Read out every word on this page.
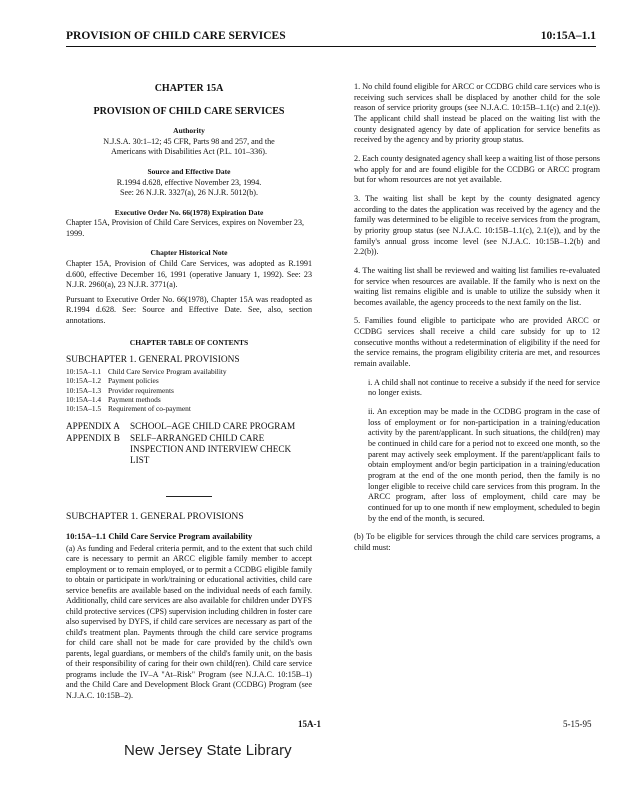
PROVISION OF CHILD CARE SERVICES	10:15A–1.1
CHAPTER 15A
PROVISION OF CHILD CARE SERVICES
Authority
N.J.S.A. 30:1–12; 45 CFR, Parts 98 and 257, and the
Americans with Disabilities Act (P.L. 101–336).
Source and Effective Date
R.1994 d.628, effective November 23, 1994.
See: 26 N.J.R. 3327(a), 26 N.J.R. 5012(b).
Executive Order No. 66(1978) Expiration Date

Chapter 15A, Provision of Child Care Services, expires on November 23, 1999.

Chapter Historical Note

Chapter 15A, Provision of Child Care Services, was adopted as R.1991 d.600, effective December 16, 1991 (operative January 1, 1992). See: 23 N.J.R. 2960(a), 23 N.J.R. 3771(a).

Pursuant to Executive Order No. 66(1978), Chapter 15A was readopted as R.1994 d.628. See: Source and Effective Date. See, also, section annotations.

CHAPTER TABLE OF CONTENTS
SUBCHAPTER 1. GENERAL PROVISIONS
10:15A–1.1 Child Care Service Program availability
10:15A–1.2 Payment policies
10:15A–1.3 Provider requirements
10:15A–1.4 Payment methods
10:15A–1.5 Requirement of co-payment
APPENDIX A	SCHOOL–AGE CHILD CARE PROGRAM
APPENDIX B	SELF–ARRANGED CHILD CARE INSPECTION AND INTERVIEW CHECK LIST
SUBCHAPTER 1. GENERAL PROVISIONS
10:15A–1.1 Child Care Service Program availability

(a) As funding and Federal criteria permit, and to the extent that such child care is necessary to permit an ARCC eligible family member to accept employment or to remain employed, or to permit a CCDBG eligible family to obtain or participate in work/training or educational activities, child care service benefits are available based on the individual needs of each family. Additionally, child care services are also available for children under DYFS child protective services (CPS) supervision including children in foster care also supervised by DYFS, if child care services are necessary as part of the child's treatment plan. Payments through the child care service programs for child care shall not be made for care provided by the child's own parents, legal guardians, or members of the child's family unit, on the basis of their responsibility of caring for their own child(ren). Child care service programs include the IV–A "At–Risk" Program (see N.J.A.C. 10:15B–1) and the Child Care and Development Block Grant (CCDBG) Program (see N.J.A.C. 10:15B–2).

1. No child found eligible for ARCC or CCDBG child care services who is receiving such services shall be displaced by another child for the sole reason of service priority groups (see N.J.A.C. 10:15B–1.1(c) and 2.1(e)). The applicant child shall instead be placed on the waiting list with the county designated agency by date of application for service benefits as received by the agency and by priority group status.

2. Each county designated agency shall keep a waiting list of those persons who apply for and are found eligible for the CCDBG or ARCC program but for whom resources are not yet available.

3. The waiting list shall be kept by the county designated agency according to the dates the application was received by the agency and the family was determined to be eligible to receive services from the program, by priority group status (see N.J.A.C. 10:15B–1.1(c), 2.1(e)), and by the family's annual gross income level (see N.J.A.C. 10:15B–1.2(b) and 2.2(b)).

4. The waiting list shall be reviewed and waiting list families re-evaluated for service when resources are available. If the family who is next on the waiting list remains eligible and is unable to utilize the subsidy when it becomes available, the agency proceeds to the next family on the list.

5. Families found eligible to participate who are provided ARCC or CCDBG services shall receive a child care subsidy for up to 12 consecutive months without a redetermination of eligibility if the need for the service remains, the program eligibility criteria are met, and resources remain available.

i. A child shall not continue to receive a subsidy if the need for service no longer exists.

ii. An exception may be made in the CCDBG program in the case of loss of employment or for non-participation in a training/education activity by the parent/applicant. In such situations, the child(ren) may be continued in child care for a period not to exceed one month, so the parent may actively seek employment. If the parent/applicant fails to obtain employment and/or begin participation in a training/education program at the end of the one month period, then the family is no longer eligible to receive child care services from this program. In the ARCC program, after loss of employment, child care may be continued for up to one month if new employment, scheduled to begin by the end of the month, is secured.

(b) To be eligible for services through the child care services programs, a child must:

15A-1
New Jersey State Library
5-15-95
